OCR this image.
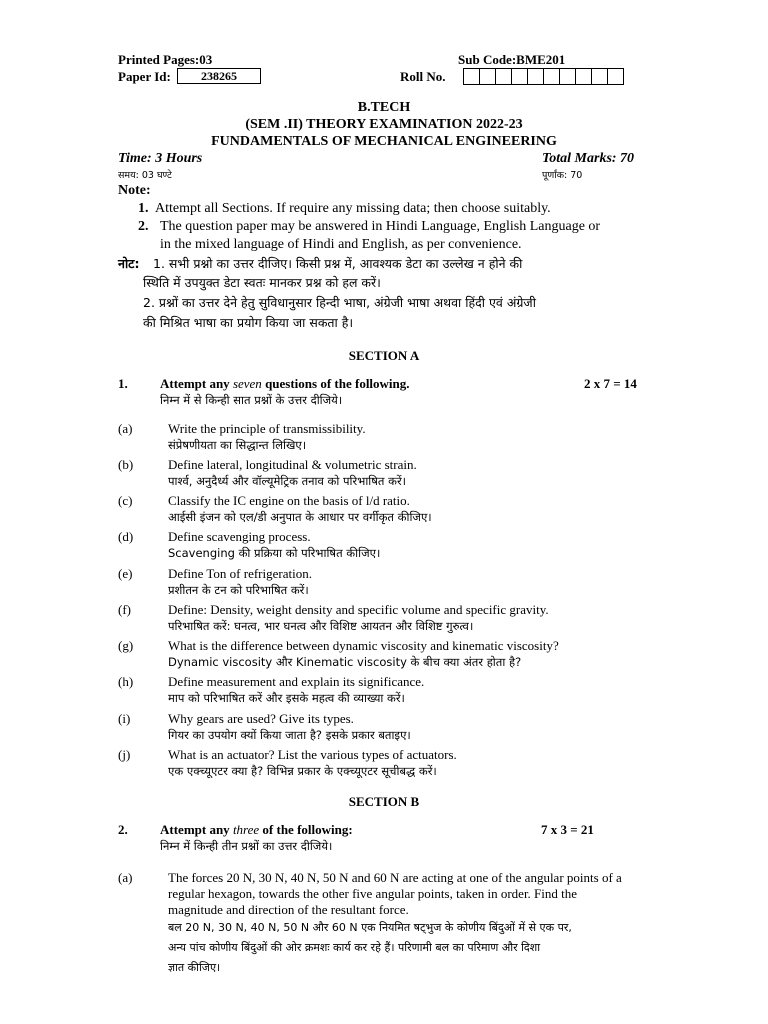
Printed Pages:03	Sub Code:BME201
Paper Id:	238265	Roll No.
B.TECH
(SEM .II) THEORY EXAMINATION 2022-23
FUNDAMENTALS OF MECHANICAL ENGINEERING
Time: 3 Hours
समय: 03 घण्टे
Total Marks: 70
पूर्णांक: 70
Note:
1. Attempt all Sections. If require any missing data; then choose suitably.
2. The question paper may be answered in Hindi Language, English Language or
in the mixed language of Hindi and English, as per convenience.
नोट: 1. सभी प्रश्नो का उत्तर दीजिए। किसी प्रश्न में, आवश्यक डेटा का उल्लेख न होने की
स्थिति में उपयुक्त डेटा स्वतः मानकर प्रश्न को हल करें।
2. प्रश्नों का उत्तर देने हेतु सुविधानुसार हिन्दी भाषा, अंग्रेजी भाषा अथवा हिंदी एवं अंग्रेजी
की मिश्रित भाषा का प्रयोग किया जा सकता है।
SECTION A
1. Attempt any seven questions of the following.	2 x 7 = 14
निम्न में से किन्ही सात प्रश्नों के उत्तर दीजिये।
(a)	Write the principle of transmissibility.
संप्रेषणीयता का सिद्धान्त लिखिए।
(b)	Define lateral, longitudinal & volumetric strain.
पार्श्व, अनुदैर्ध्य और वॉल्यूमेट्रिक तनाव को परिभाषित करें।
(c)	Classify the IC engine on the basis of l/d ratio.
आईसी इंजन को एल/डी अनुपात के आधार पर वर्गीकृत कीजिए।
(d)	Define scavenging process.
Scavenging की प्रक्रिया को परिभाषित कीजिए।
(e)	Define Ton of refrigeration.
प्रशीतन के टन को परिभाषित करें।
(f)	Define: Density, weight density and specific volume and specific gravity.
परिभाषित करें: घनत्व, भार घनत्व और विशिष्ट आयतन और विशिष्ट गुरुत्व।
(g)	What is the difference between dynamic viscosity and kinematic viscosity?
Dynamic viscosity और Kinematic viscosity के बीच क्या अंतर होता है?
(h)	Define measurement and explain its significance.
माप को परिभाषित करें और इसके महत्व की व्याख्या करें।
(i)	Why gears are used? Give its types.
गियर का उपयोग क्यों किया जाता है? इसके प्रकार बताइए।
(j)	What is an actuator? List the various types of actuators.
एक एक्च्यूएटर क्या है? विभिन्न प्रकार के एक्च्यूएटर सूचीबद्ध करें।
SECTION B
2. Attempt any three of the following:	7 x 3 = 21
निम्न में किन्ही तीन प्रश्नों का उत्तर दीजिये।
(a)	The forces 20 N, 30 N, 40 N, 50 N and 60 N are acting at one of the angular points of a
regular hexagon, towards the other five angular points, taken in order. Find the
magnitude and direction of the resultant force.
बल 20 N, 30 N, 40 N, 50 N और 60 N एक नियमित षट्भुज के कोणीय बिंदुओं में से एक पर,
अन्य पांच कोणीय बिंदुओं की ओर क्रमशः कार्य कर रहे हैं। परिणामी बल का परिमाण और दिशा
ज्ञात कीजिए।
